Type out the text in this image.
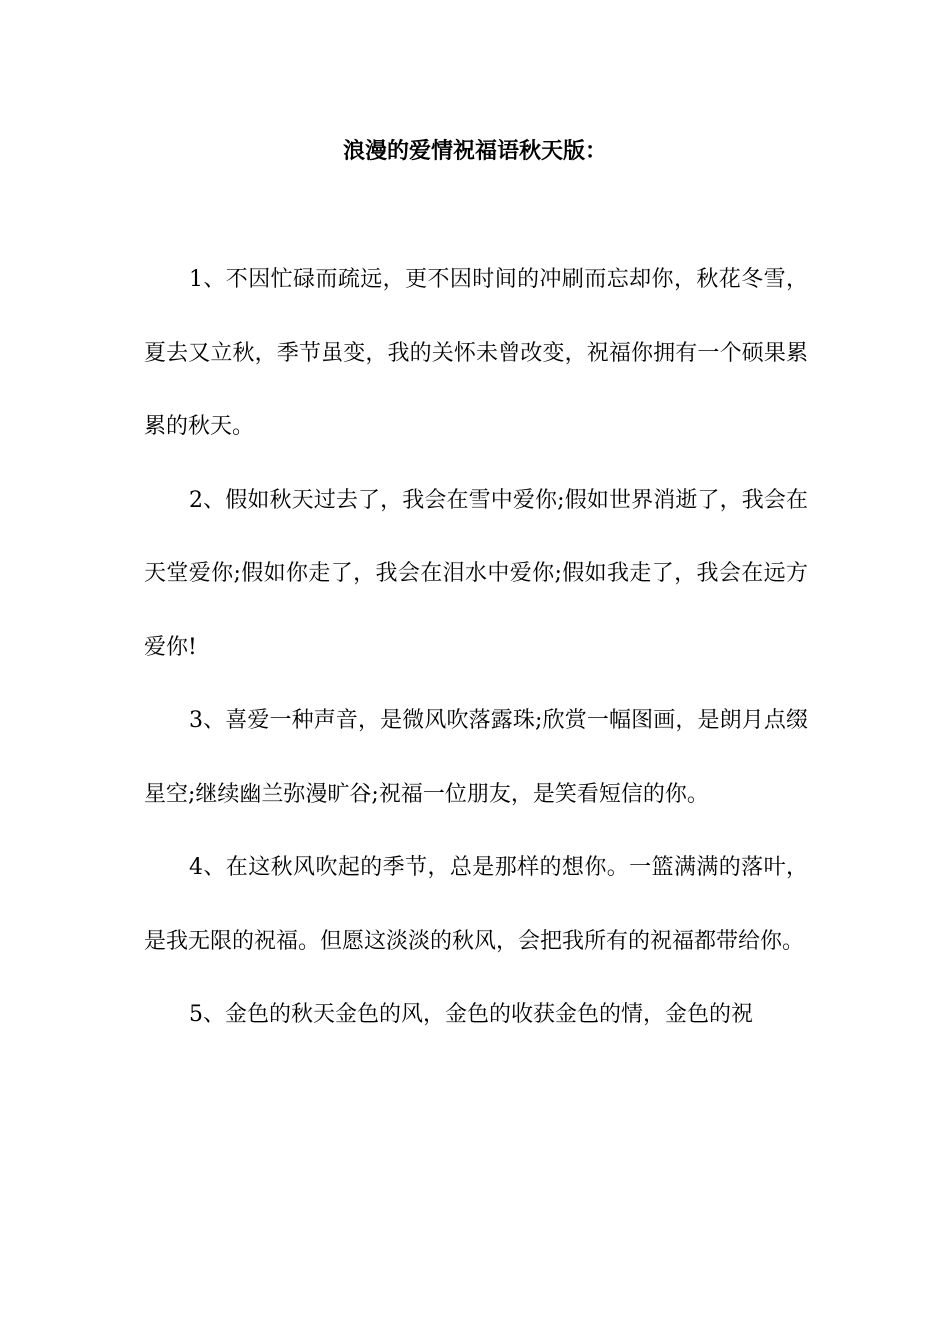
浪漫的爱情祝福语秋天版：

1、不因忙碌而疏远，更不因时间的冲刷而忘却你，秋花冬雪，夏去又立秋，季节虽变，我的关怀未曾改变，祝福你拥有一个硕果累累的秋天。

2、假如秋天过去了，我会在雪中爱你;假如世界消逝了，我会在天堂爱你;假如你走了，我会在泪水中爱你;假如我走了，我会在远方爱你!

3、喜爱一种声音，是微风吹落露珠;欣赏一幅图画，是朗月点缀星空;继续幽兰弥漫旷谷;祝福一位朋友，是笑看短信的你。

4、在这秋风吹起的季节，总是那样的想你。一篮满满的落叶，是我无限的祝福。但愿这淡淡的秋风，会把我所有的祝福都带给你。

5、金色的秋天金色的风，金色的收获金色的情，金色的祝
